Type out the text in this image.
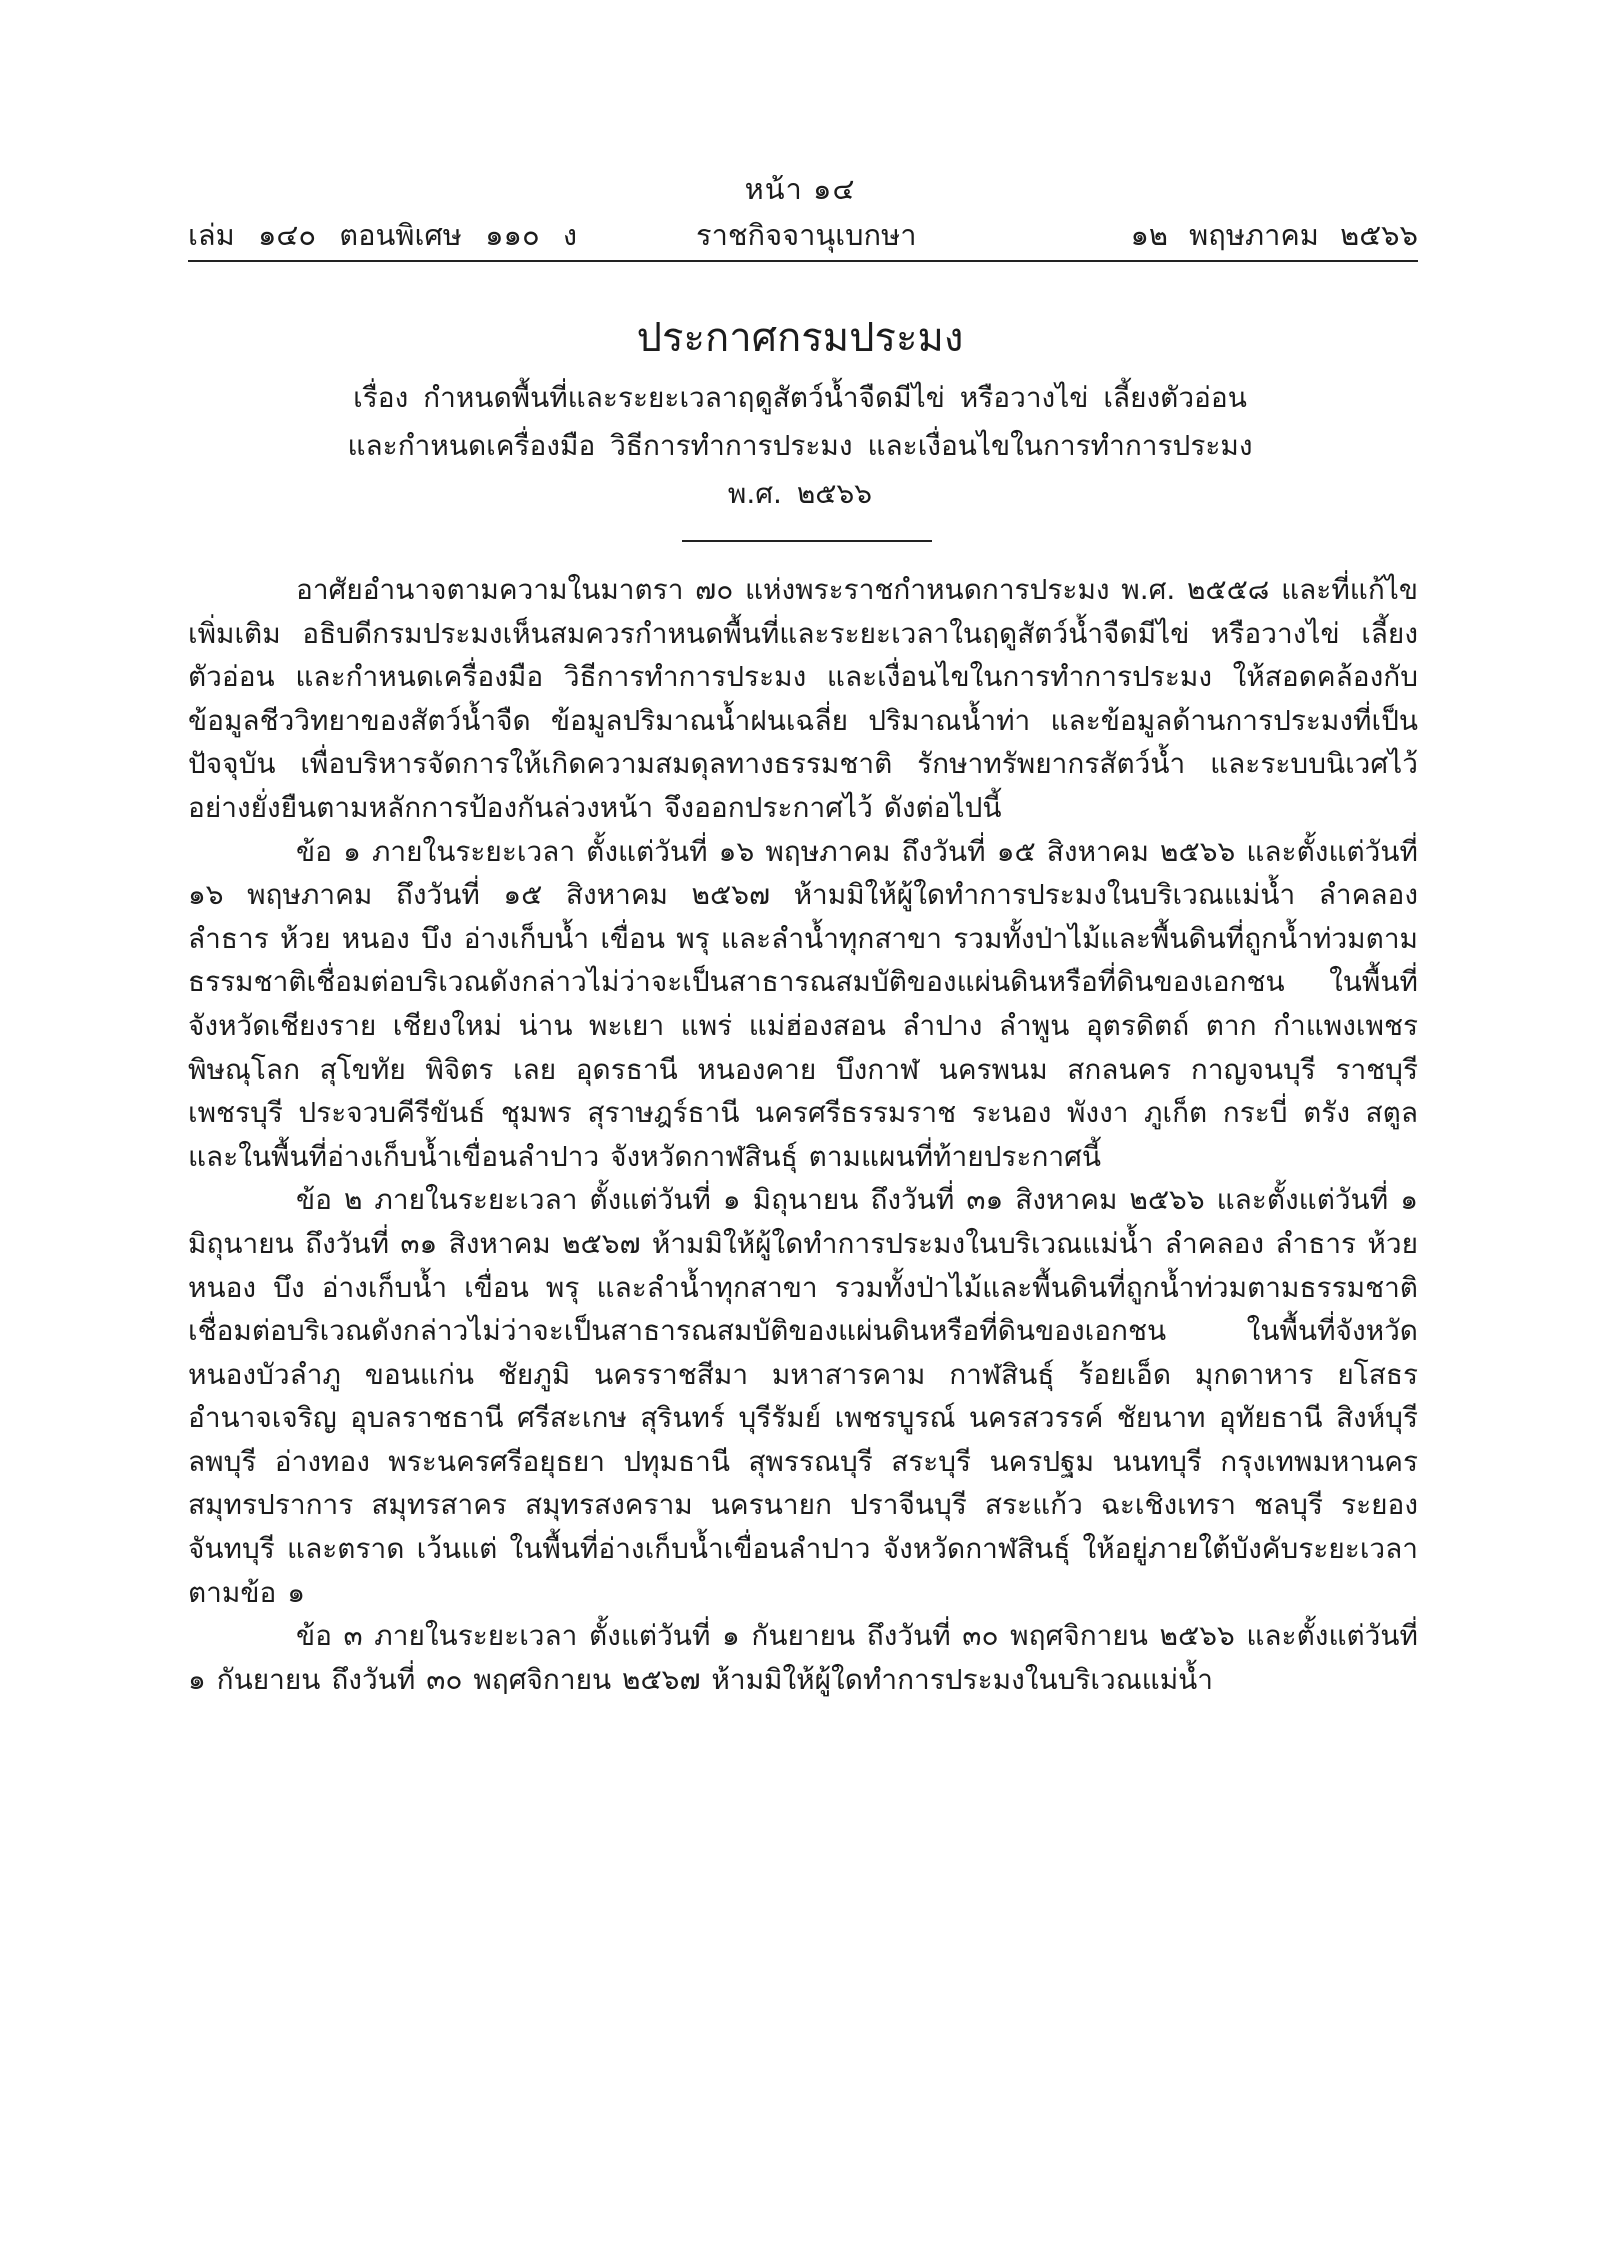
หน้า ๑๔
เล่ม ๑๔๐ ตอนพิเศษ ๑๑๐ ง	ราชกิจจานุเบกษา	๑๒ พฤษภาคม ๒๕๖๖
ประกาศกรมประมง
เรื่อง กำหนดพื้นที่และระยะเวลาฤดูสัตว์น้ำจืดมีไข่ หรือวางไข่ เลี้ยงตัวอ่อน
และกำหนดเครื่องมือ วิธีการทำการประมง และเงื่อนไขในการทำการประมง
พ.ศ. ๒๕๖๖

อาศัยอำนาจตามความในมาตรา ๗๐ แห่งพระราชกำหนดการประมง พ.ศ. ๒๕๕๘ และที่แก้ไขเพิ่มเติม อธิบดีกรมประมงเห็นสมควรกำหนดพื้นที่และระยะเวลาในฤดูสัตว์น้ำจืดมีไข่ หรือวางไข่ เลี้ยงตัวอ่อน และกำหนดเครื่องมือ วิธีการทำการประมง และเงื่อนไขในการทำการประมง ให้สอดคล้องกับข้อมูลชีววิทยาของสัตว์น้ำจืด ข้อมูลปริมาณน้ำฝนเฉลี่ย ปริมาณน้ำท่า และข้อมูลด้านการประมงที่เป็นปัจจุบัน เพื่อบริหารจัดการให้เกิดความสมดุลทางธรรมชาติ รักษาทรัพยากรสัตว์น้ำ และระบบนิเวศไว้อย่างยั่งยืนตามหลักการป้องกันล่วงหน้า จึงออกประกาศไว้ ดังต่อไปนี้

ข้อ ๑ ภายในระยะเวลา ตั้งแต่วันที่ ๑๖ พฤษภาคม ถึงวันที่ ๑๕ สิงหาคม ๒๕๖๖ และตั้งแต่วันที่ ๑๖ พฤษภาคม ถึงวันที่ ๑๕ สิงหาคม ๒๕๖๗ ห้ามมิให้ผู้ใดทำการประมงในบริเวณแม่น้ำ ลำคลอง ลำธาร ห้วย หนอง บึง อ่างเก็บน้ำ เขื่อน พรุ และลำน้ำทุกสาขา รวมทั้งป่าไม้และพื้นดินที่ถูกน้ำท่วมตามธรรมชาติเชื่อมต่อบริเวณดังกล่าวไม่ว่าจะเป็นสาธารณสมบัติของแผ่นดินหรือที่ดินของเอกชน ในพื้นที่จังหวัดเชียงราย เชียงใหม่ น่าน พะเยา แพร่ แม่ฮ่องสอน ลำปาง ลำพูน อุตรดิตถ์ ตาก กำแพงเพชร พิษณุโลก สุโขทัย พิจิตร เลย อุดรธานี หนองคาย บึงกาฬ นครพนม สกลนคร กาญจนบุรี ราชบุรี เพชรบุรี ประจวบคีรีขันธ์ ชุมพร สุราษฎร์ธานี นครศรีธรรมราช ระนอง พังงา ภูเก็ต กระบี่ ตรัง สตูล และในพื้นที่อ่างเก็บน้ำเขื่อนลำปาว จังหวัดกาฬสินธุ์ ตามแผนที่ท้ายประกาศนี้

ข้อ ๒ ภายในระยะเวลา ตั้งแต่วันที่ ๑ มิถุนายน ถึงวันที่ ๓๑ สิงหาคม ๒๕๖๖ และตั้งแต่วันที่ ๑ มิถุนายน ถึงวันที่ ๓๑ สิงหาคม ๒๕๖๗ ห้ามมิให้ผู้ใดทำการประมงในบริเวณแม่น้ำ ลำคลอง ลำธาร ห้วย หนอง บึง อ่างเก็บน้ำ เขื่อน พรุ และลำน้ำทุกสาขา รวมทั้งป่าไม้และพื้นดินที่ถูกน้ำท่วมตามธรรมชาติเชื่อมต่อบริเวณดังกล่าวไม่ว่าจะเป็นสาธารณสมบัติของแผ่นดินหรือที่ดินของเอกชน ในพื้นที่จังหวัดหนองบัวลำภู ขอนแก่น ชัยภูมิ นครราชสีมา มหาสารคาม กาฬสินธุ์ ร้อยเอ็ด มุกดาหาร ยโสธร อำนาจเจริญ อุบลราชธานี ศรีสะเกษ สุรินทร์ บุรีรัมย์ เพชรบูรณ์ นครสวรรค์ ชัยนาท อุทัยธานี สิงห์บุรี ลพบุรี อ่างทอง พระนครศรีอยุธยา ปทุมธานี สุพรรณบุรี สระบุรี นครปฐม นนทบุรี กรุงเทพมหานคร สมุทรปราการ สมุทรสาคร สมุทรสงคราม นครนายก ปราจีนบุรี สระแก้ว ฉะเชิงเทรา ชลบุรี ระยอง จันทบุรี และตราด เว้นแต่ ในพื้นที่อ่างเก็บน้ำเขื่อนลำปาว จังหวัดกาฬสินธุ์ ให้อยู่ภายใต้บังคับระยะเวลาตามข้อ ๑

ข้อ ๓ ภายในระยะเวลา ตั้งแต่วันที่ ๑ กันยายน ถึงวันที่ ๓๐ พฤศจิกายน ๒๕๖๖ และตั้งแต่วันที่ ๑ กันยายน ถึงวันที่ ๓๐ พฤศจิกายน ๒๕๖๗ ห้ามมิให้ผู้ใดทำการประมงในบริเวณแม่น้ำ
